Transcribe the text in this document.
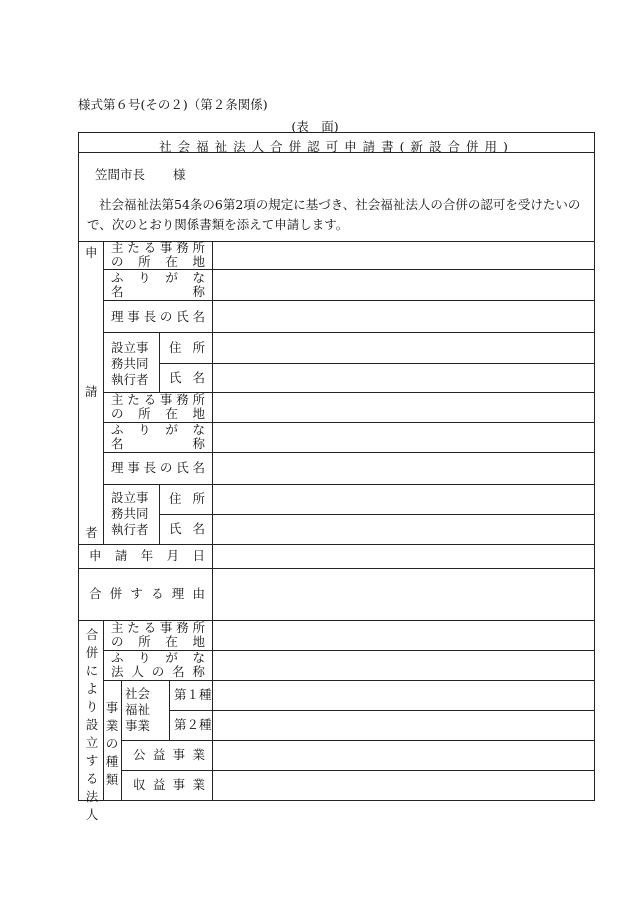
様式第６号(その２)（第２条関係)
(表　面)
社会福祉法人合併認可申請書(新設合併用)
笠間市長 様
社会福祉法第54条の6第2項の規定に基づき、社会福祉法人の合併の認可を受けたいので、次のとおり関係書類を添えて申請します。
申
請
者
主 た る 事 務 所
の 所 在 地
ふ り が な
名	称
理 事 長 の 氏 名
設立事
務共同
執行者
住 所
氏 名
主 た る 事 務 所
の 所 在 地
ふ り が な
名	称
理 事 長 の 氏 名
設立事
務共同
執行者
住 所
氏 名
申 請 年 月 日
合 併 す る 理 由
合
併
に
よ
り
設
立
す
る
法
人
主 た る 事 務 所
の 所 在 地
ふ り が な
法 人 の 名 称
事
業
の
種
類
社会
福祉
事業
第 １ 種
第 ２ 種
公 益 事 業
収 益 事 業
